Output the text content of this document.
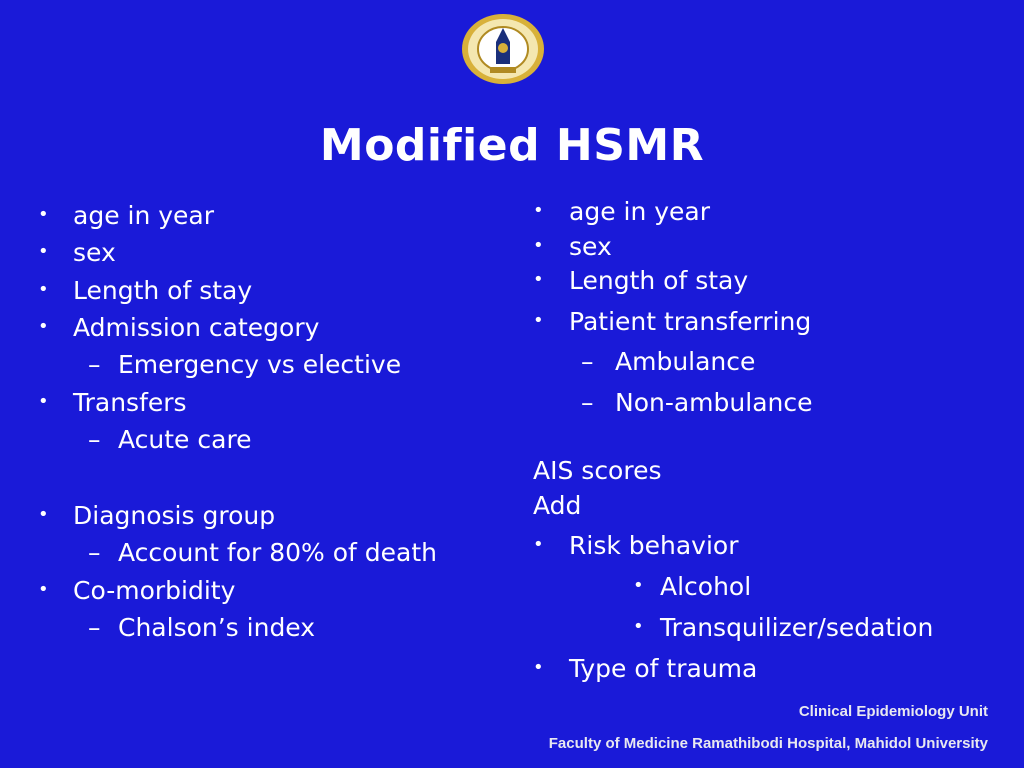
Modified HSMR
• age in year
• sex
• Length of stay
• Admission category
– Emergency vs elective
• Transfers
– Acute care
• Diagnosis group
– Account for 80% of death
• Co-morbidity
– Chalson’s index
• age in year
• sex
• Length of stay
• Patient transferring
– Ambulance
– Non-ambulance
AIS scores
Add
• Risk behavior
• Alcohol
• Transquilizer/sedation
• Type of trauma
Clinical Epidemiology Unit
Faculty of Medicine Ramathibodi Hospital, Mahidol University
